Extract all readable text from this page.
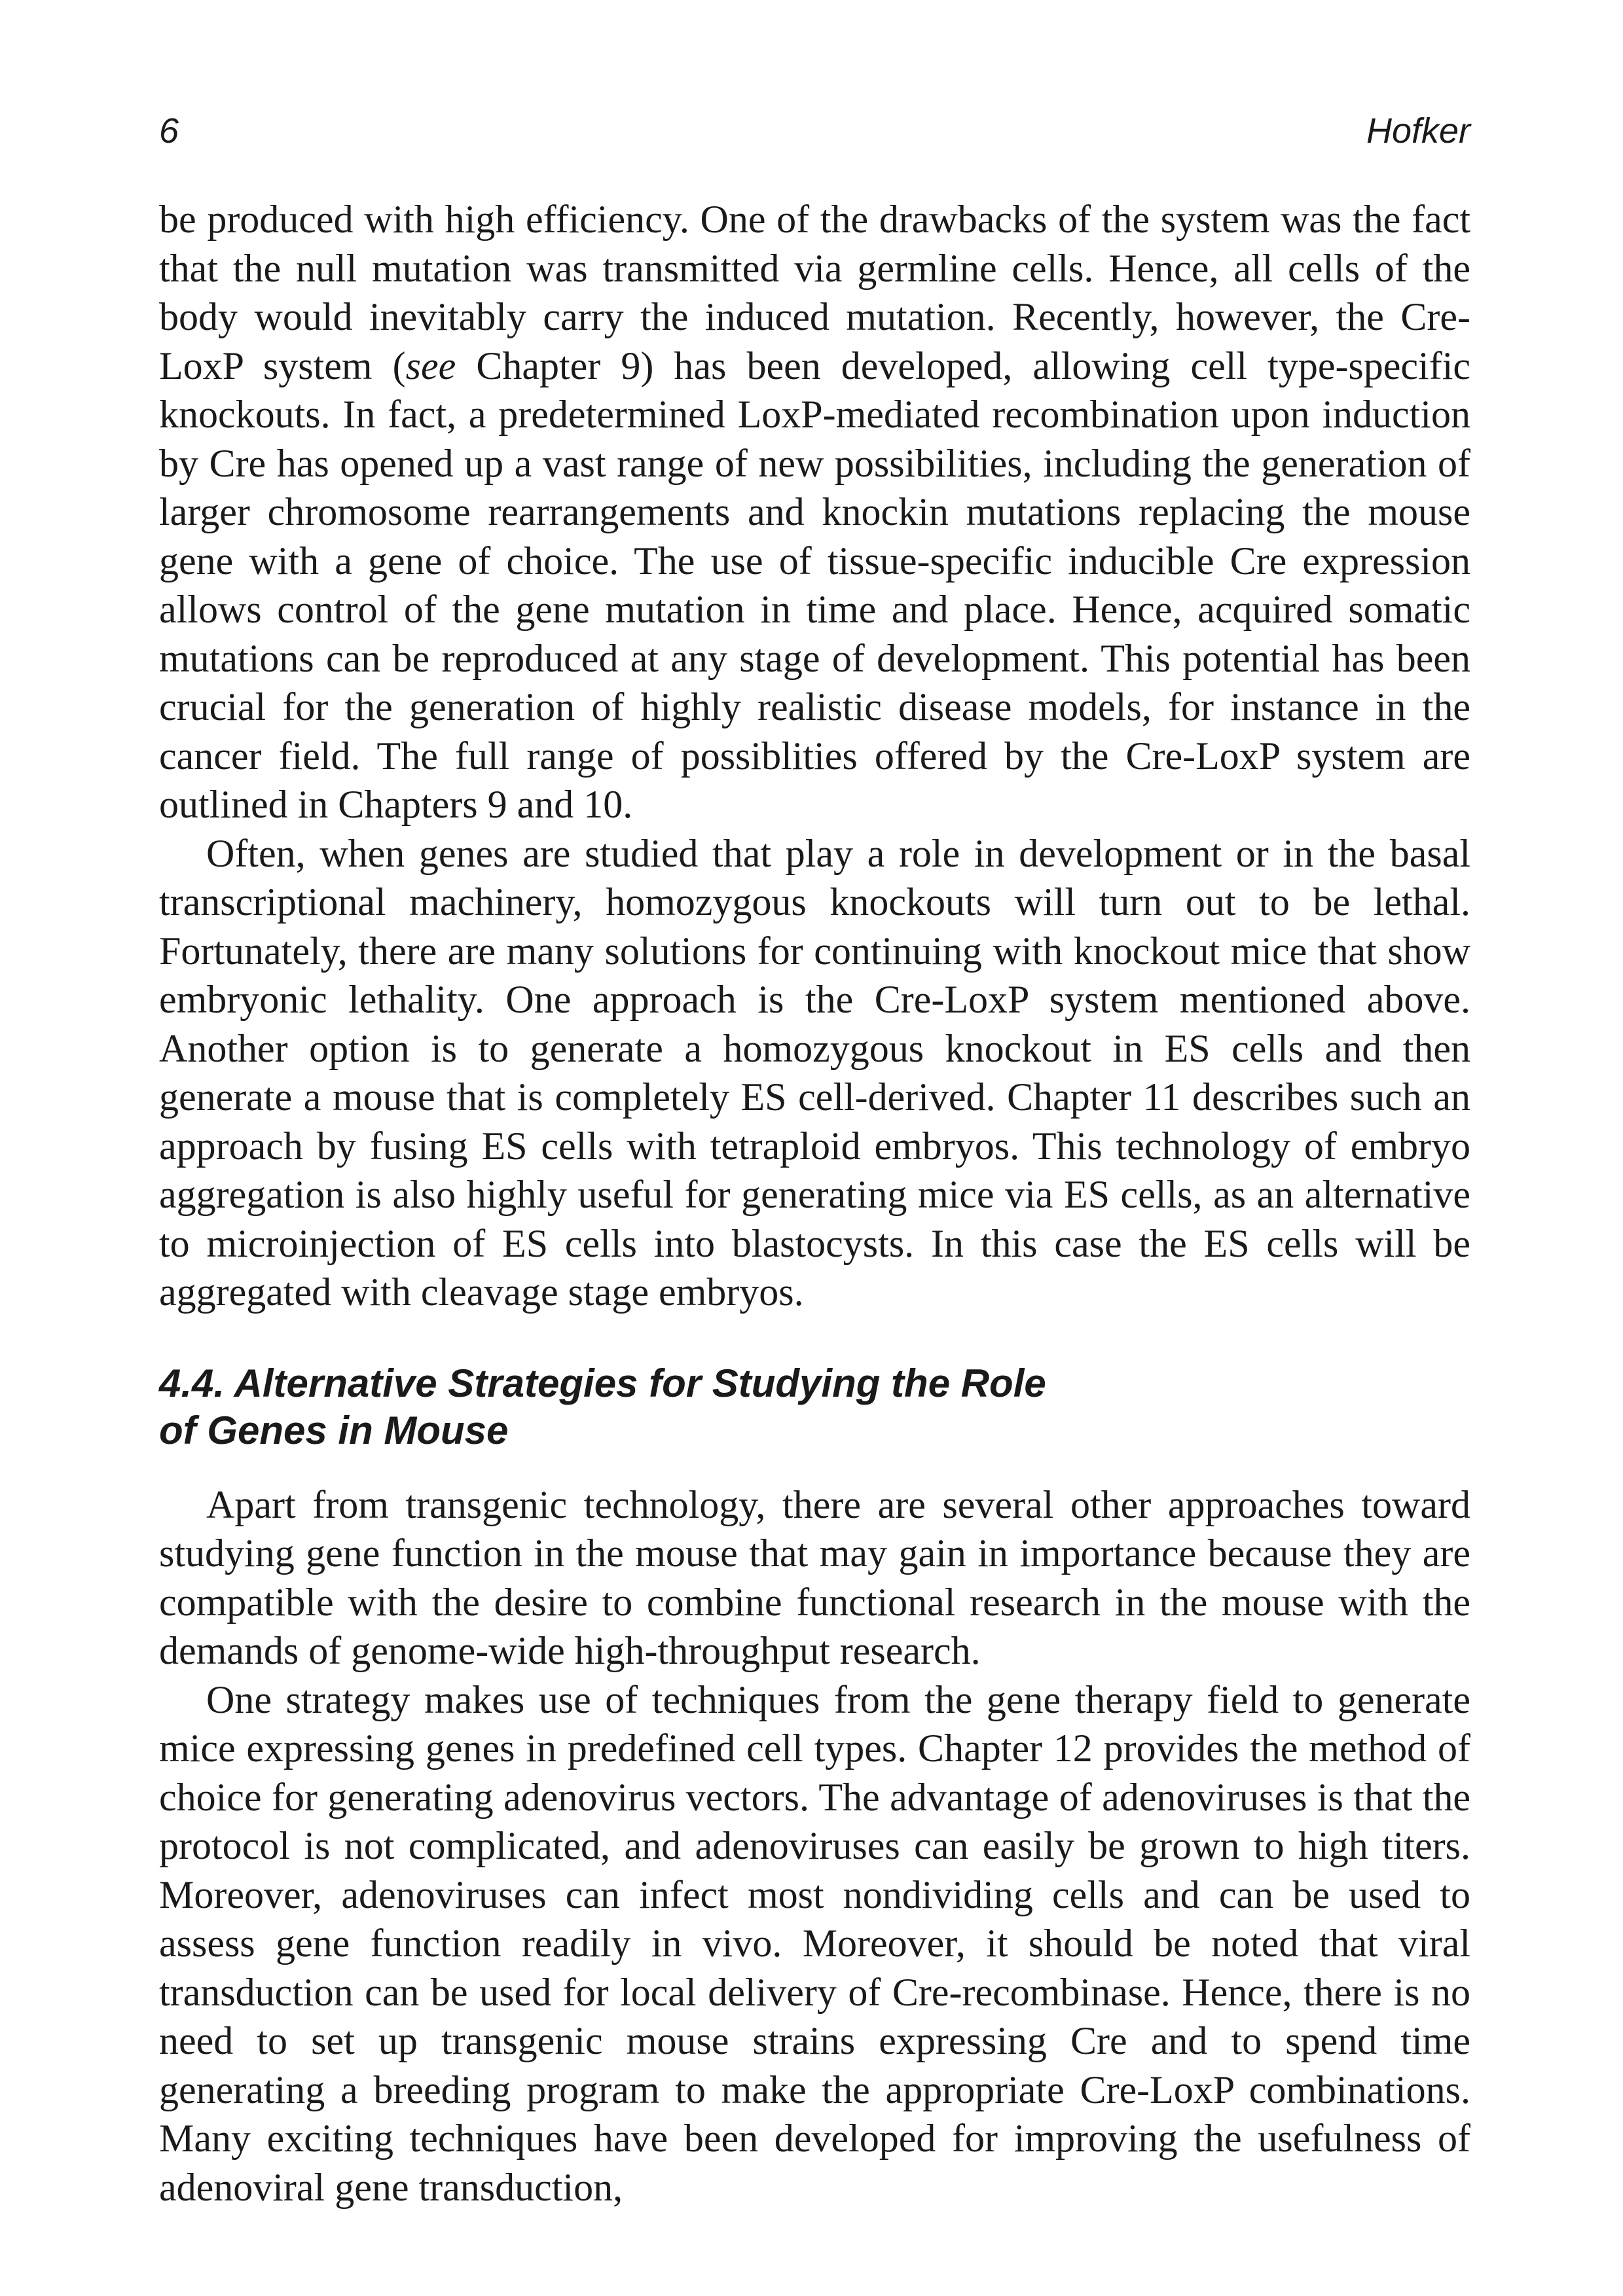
6	Hofker

be produced with high efficiency. One of the drawbacks of the system was the fact that the null mutation was transmitted via germline cells. Hence, all cells of the body would inevitably carry the induced mutation. Recently, however, the Cre-LoxP system (see Chapter 9) has been developed, allowing cell type-specific knockouts. In fact, a predetermined LoxP-mediated recombination upon induction by Cre has opened up a vast range of new possibilities, including the generation of larger chromosome rearrangements and knockin mutations replacing the mouse gene with a gene of choice. The use of tissue-specific inducible Cre expression allows control of the gene mutation in time and place. Hence, acquired somatic mutations can be reproduced at any stage of development. This potential has been crucial for the generation of highly realistic disease models, for instance in the cancer field. The full range of possiblities offered by the Cre-LoxP system are outlined in Chapters 9 and 10.

Often, when genes are studied that play a role in development or in the basal transcriptional machinery, homozygous knockouts will turn out to be lethal. Fortunately, there are many solutions for continuing with knockout mice that show embryonic lethality. One approach is the Cre-LoxP system mentioned above. Another option is to generate a homozygous knockout in ES cells and then generate a mouse that is completely ES cell-derived. Chapter 11 describes such an approach by fusing ES cells with tetraploid embryos. This technology of embryo aggregation is also highly useful for generating mice via ES cells, as an alternative to microinjection of ES cells into blastocysts. In this case the ES cells will be aggregated with cleavage stage embryos.

4.4. Alternative Strategies for Studying the Role
of Genes in Mouse

Apart from transgenic technology, there are several other approaches toward studying gene function in the mouse that may gain in importance because they are compatible with the desire to combine functional research in the mouse with the demands of genome-wide high-throughput research.

One strategy makes use of techniques from the gene therapy field to generate mice expressing genes in predefined cell types. Chapter 12 provides the method of choice for generating adenovirus vectors. The advantage of adenoviruses is that the protocol is not complicated, and adenoviruses can easily be grown to high titers. Moreover, adenoviruses can infect most nondividing cells and can be used to assess gene function readily in vivo. Moreover, it should be noted that viral transduction can be used for local delivery of Cre-recombinase. Hence, there is no need to set up transgenic mouse strains expressing Cre and to spend time generating a breeding program to make the appropriate Cre-LoxP combinations. Many exciting techniques have been developed for improving the usefulness of adenoviral gene transduction,
